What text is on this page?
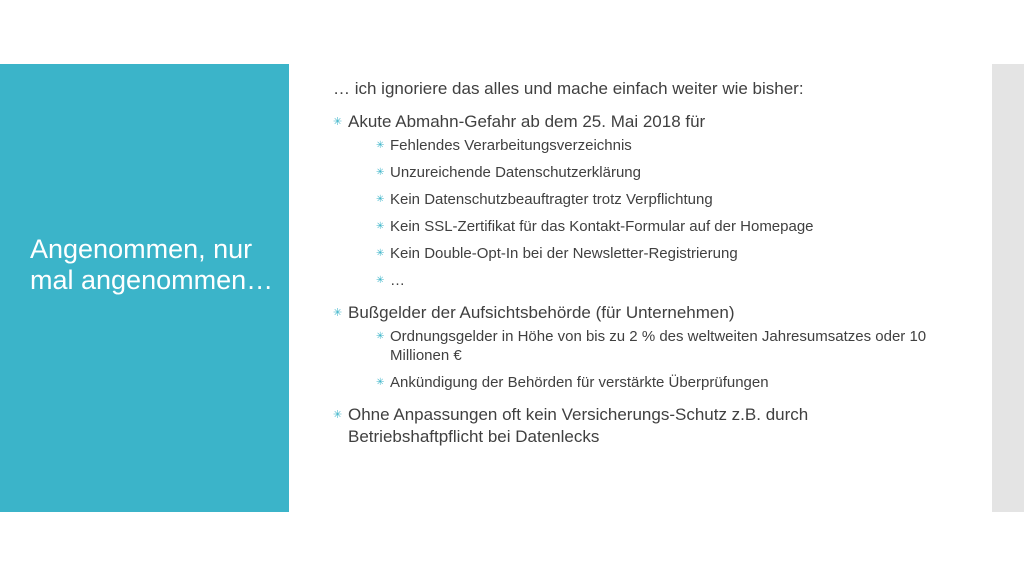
Angenommen, nur mal angenommen…

… ich ignoriere das alles und mache einfach weiter wie bisher:

✳ Akute Abmahn-Gefahr ab dem 25. Mai 2018 für
✳ Fehlendes Verarbeitungsverzeichnis
✳ Unzureichende Datenschutzerklärung
✳ Kein Datenschutzbeauftragter trotz Verpflichtung
✳ Kein SSL-Zertifikat für das Kontakt-Formular auf der Homepage
✳ Kein Double-Opt-In bei der Newsletter-Registrierung
✳ …
✳ Bußgelder der Aufsichtsbehörde (für Unternehmen)
✳ Ordnungsgelder in Höhe von bis zu 2 % des weltweiten Jahresumsatzes oder 10 Millionen €
✳ Ankündigung der Behörden für verstärkte Überprüfungen
✳ Ohne Anpassungen oft kein Versicherungs-Schutz z.B. durch Betriebshaftpflicht bei Datenlecks
